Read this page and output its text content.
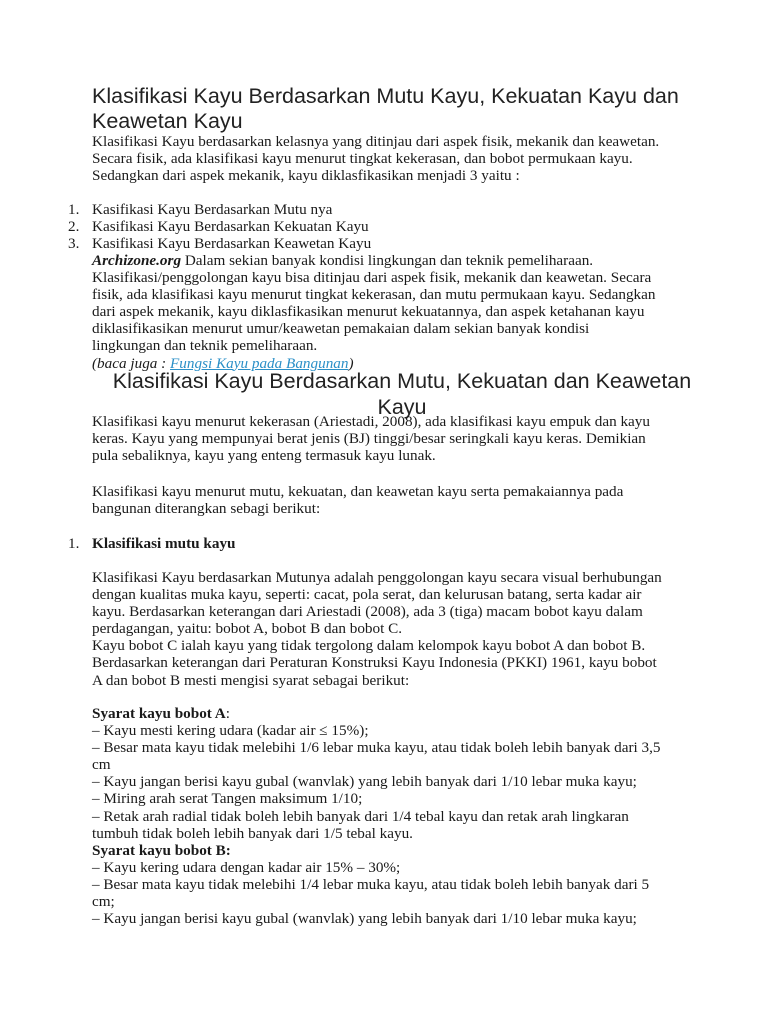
Klasifikasi Kayu Berdasarkan Mutu Kayu, Kekuatan Kayu dan
Keawetan Kayu
Klasifikasi Kayu berdasarkan kelasnya yang ditinjau dari aspek fisik, mekanik dan keawetan.
Secara fisik, ada klasifikasi kayu menurut tingkat kekerasan, dan bobot permukaan kayu.
Sedangkan dari aspek mekanik, kayu diklasfikasikan menjadi 3 yaitu :
1. Kasifikasi Kayu Berdasarkan Mutu nya
2. Kasifikasi Kayu Berdasarkan Kekuatan Kayu
3. Kasifikasi Kayu Berdasarkan Keawetan Kayu
Archizone.org Dalam sekian banyak kondisi lingkungan dan teknik pemeliharaan.
Klasifikasi/penggolongan kayu bisa ditinjau dari aspek fisik, mekanik dan keawetan. Secara
fisik, ada klasifikasi kayu menurut tingkat kekerasan, dan mutu permukaan kayu. Sedangkan
dari aspek mekanik, kayu diklasfikasikan menurut kekuatannya, dan aspek ketahanan kayu
diklasifikasikan menurut umur/keawetan pemakaian dalam sekian banyak kondisi
lingkungan dan teknik pemeliharaan.
(baca juga : Fungsi Kayu pada Bangunan)
Klasifikasi Kayu Berdasarkan Mutu, Kekuatan dan Keawetan
Kayu
Klasifikasi kayu menurut kekerasan (Ariestadi, 2008), ada klasifikasi kayu empuk dan kayu
keras. Kayu yang mempunyai berat jenis (BJ) tinggi/besar seringkali kayu keras. Demikian
pula sebaliknya, kayu yang enteng termasuk kayu lunak.
Klasifikasi kayu menurut mutu, kekuatan, dan keawetan kayu serta pemakaiannya pada
bangunan diterangkan sebagi berikut:
1. Klasifikasi mutu kayu
Klasifikasi Kayu berdasarkan Mutunya adalah penggolongan kayu secara visual berhubungan
dengan kualitas muka kayu, seperti: cacat, pola serat, dan kelurusan batang, serta kadar air
kayu. Berdasarkan keterangan dari Ariestadi (2008), ada 3 (tiga) macam bobot kayu dalam
perdagangan, yaitu: bobot A, bobot B dan bobot C.
Kayu bobot C ialah kayu yang tidak tergolong dalam kelompok kayu bobot A dan bobot B.
Berdasarkan keterangan dari Peraturan Konstruksi Kayu Indonesia (PKKI) 1961, kayu bobot
A dan bobot B mesti mengisi syarat sebagai berikut:
Syarat kayu bobot A:
– Kayu mesti kering udara (kadar air ≤ 15%);
– Besar mata kayu tidak melebihi 1/6 lebar muka kayu, atau tidak boleh lebih banyak dari 3,5
cm
– Kayu jangan berisi kayu gubal (wanvlak) yang lebih banyak dari 1/10 lebar muka kayu;
– Miring arah serat Tangen maksimum 1/10;
– Retak arah radial tidak boleh lebih banyak dari 1/4 tebal kayu dan retak arah lingkaran
tumbuh tidak boleh lebih banyak dari 1/5 tebal kayu.
Syarat kayu bobot B:
– Kayu kering udara dengan kadar air 15% – 30%;
– Besar mata kayu tidak melebihi 1/4 lebar muka kayu, atau tidak boleh lebih banyak dari 5
cm;
– Kayu jangan berisi kayu gubal (wanvlak) yang lebih banyak dari 1/10 lebar muka kayu;
